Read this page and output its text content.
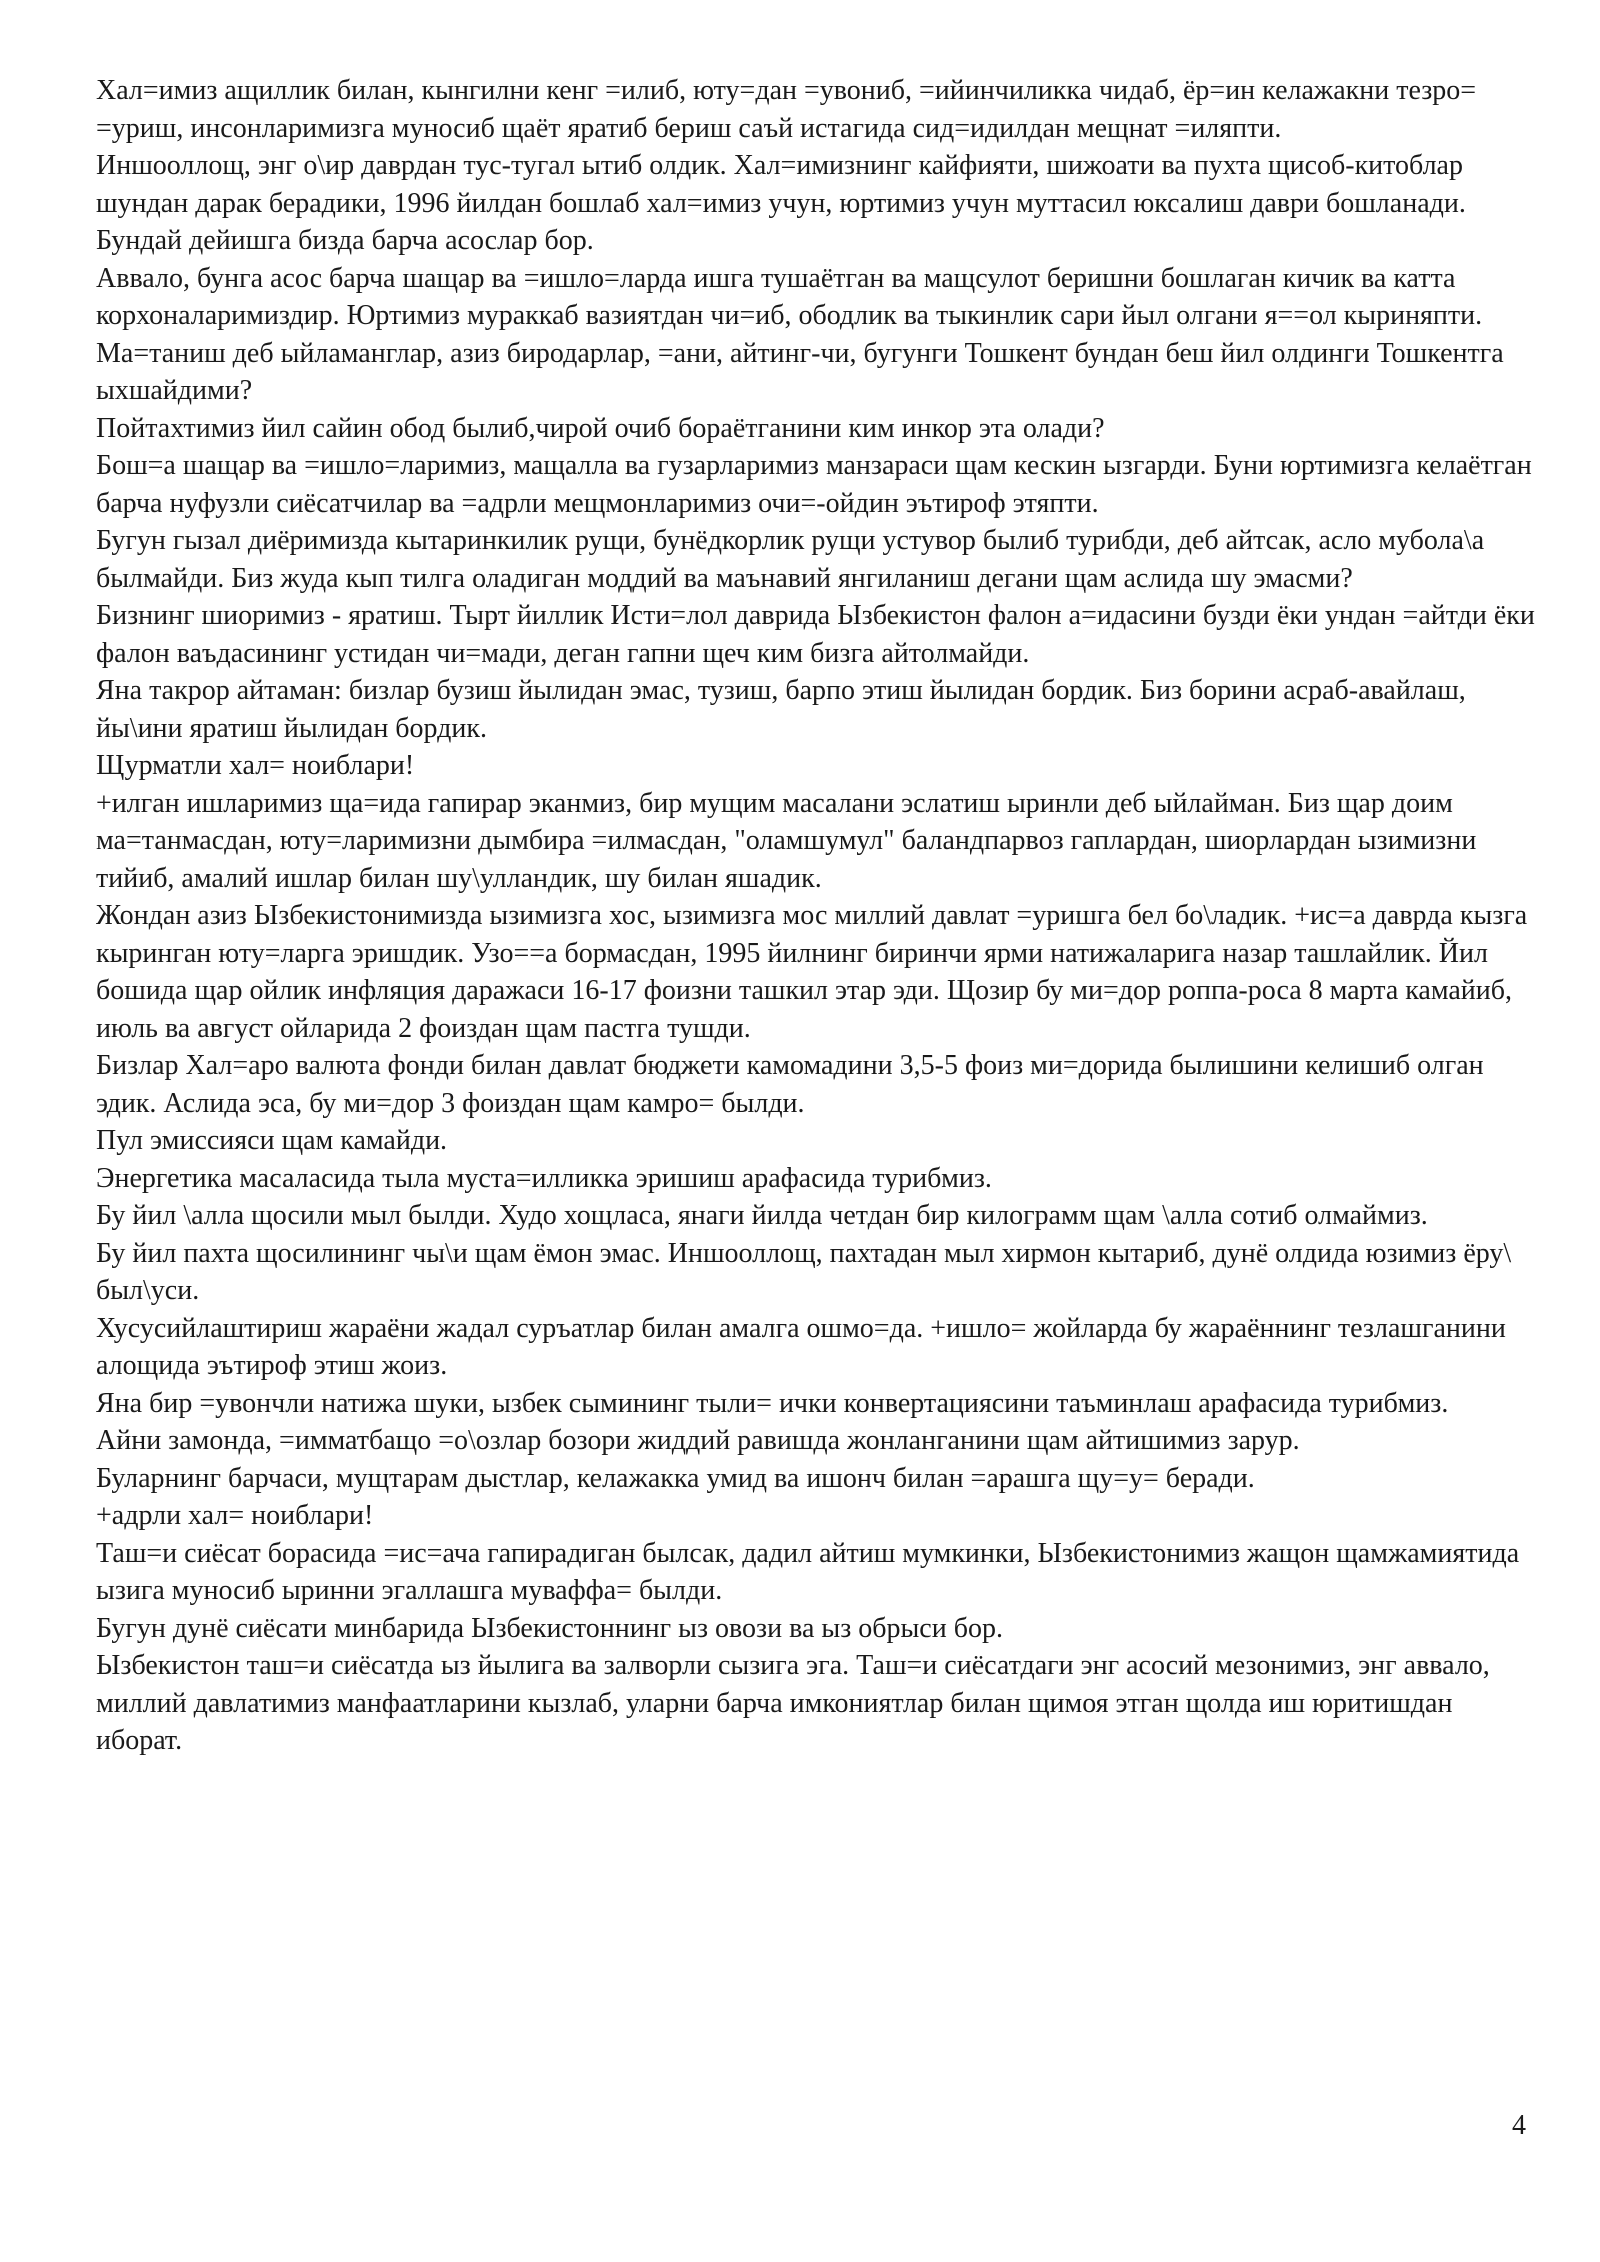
Хал=имиз ащиллик билан, кынгилни кенг =илиб, юту=дан =увониб, =ийинчиликка чидаб, ёр=ин келажакни тезро= =уриш, инсонларимизга муносиб щаёт яратиб бериш саъй истагида сид=идилдан мещнат =иляпти.

Иншооллощ, энг о\ир даврдан тус-тугал ытиб олдик. Хал=имизнинг кайфияти, шижоати ва пухта щисоб-китоблар шундан дарак берадики, 1996 йилдан бошлаб хал=имиз учун, юртимиз учун муттасил юксалиш даври бошланади.

Бундай дейишга бизда барча асослар бор.

Аввало, бунга асос барча шащар ва =ишло=ларда ишга тушаётган ва мащсулот беришни бошлаган кичик ва катта корхоналаримиздир. Юртимиз мураккаб вазиятдан чи=иб, ободлик ва тыкинлик сари йыл олгани я==ол кыриняпти.

Ма=таниш деб ыйламанглар, азиз биродарлар, =ани, айтинг-чи, бугунги Тошкент бундан беш йил олдинги Тошкентга ыхшайдими?

Пойтахтимиз йил сайин обод былиб,чирой очиб бораётганини ким инкор эта олади?

Бош=а шащар ва =ишло=ларимиз, мащалла ва гузарларимиз манзараси щам кескин ызгарди. Буни юртимизга келаётган барча нуфузли сиёсатчилар ва =адрли мещмонларимиз очи=-ойдин эътироф этяпти.

Бугун гызал диёримизда кытаринкилик рущи, бунёдкорлик рущи устувор былиб турибди, деб айтсак, асло мубола\а былмайди. Биз жуда кып тилга оладиган моддий ва маънавий янгиланиш дегани щам аслида шу эмасми?

Бизнинг шиоримиз - яратиш. Тырт йиллик Исти=лол даврида Ызбекистон фалон а=идасини бузди ёки ундан =айтди ёки фалон ваъдасининг устидан чи=мади, деган гапни щеч ким бизга айтолмайди.

Яна такрор айтаман: бизлар бузиш йылидан эмас, тузиш, барпо этиш йылидан бордик. Биз борини асраб-авайлаш, йы\ини яратиш йылидан бордик.

Щурматли хал= ноиблари!

+илган ишларимиз ща=ида гапирар эканмиз, бир мущим масалани эслатиш ыринли деб ыйлайман. Биз щар доим ма=танмасдан, юту=ларимизни дымбира =илмасдан, "оламшумул" баландпарвоз гаплардан, шиорлардан ызимизни тийиб, амалий ишлар билан шу\улландик, шу билан яшадик.

Жондан азиз Ызбекистонимизда ызимизга хос, ызимизга мос миллий давлат =уришга бел бо\ладик. +ис=а даврда кызга кыринган юту=ларга эришдик. Узо==а бормасдан, 1995 йилнинг биринчи ярми натижаларига назар ташлайлик. Йил бошида щар ойлик инфляция даражаси 16-17 фоизни ташкил этар эди. Щозир бу ми=дор роппа-роса 8 марта камайиб, июль ва август ойларида 2 фоиздан щам пастга тушди.

Бизлар Хал=аро валюта фонди билан давлат бюджети камомадини 3,5-5 фоиз ми=дорида былишини келишиб олган эдик. Аслида эса, бу ми=дор 3 фоиздан щам камро= былди.

Пул эмиссияси щам камайди.

Энергетика масаласида тыла муста=илликка эришиш арафасида турибмиз.

Бу йил \алла щосили мыл былди. Худо хощласа, янаги йилда четдан бир килограмм щам \алла сотиб олмаймиз.

Бу йил пахта щосилининг чы\и щам ёмон эмас. Иншооллощ, пахтадан мыл хирмон кытариб, дунё олдида юзимиз ёру\ был\уси.

Хусусийлаштириш жараёни жадал суръатлар билан амалга ошмо=да. +ишло= жойларда бу жараённинг тезлашганини алощида эътироф этиш жоиз.

Яна бир =увончли натижа шуки, ызбек сымининг тыли= ички конвертациясини таъминлаш арафасида турибмиз.

Айни замонда, =имматбащо =о\озлар бозори жиддий равишда жонланганини щам айтишимиз зарур.

Буларнинг барчаси, мущтарам дыстлар, келажакка умид ва ишонч билан =арашга щу=у= беради.

+адрли хал= ноиблари!

Таш=и сиёсат борасида =ис=ача гапирадиган былсак, дадил айтиш мумкинки, Ызбекистонимиз жащон щамжамиятида ызига муносиб ыринни эгаллашга муваффа= былди.

Бугун дунё сиёсати минбарида Ызбекистоннинг ыз овози ва ыз обрыси бор.

Ызбекистон таш=и сиёсатда ыз йылига ва залворли сызига эга. Таш=и сиёсатдаги энг асосий мезонимиз, энг аввало, миллий давлатимиз манфаатларини кызлаб, уларни барча имкониятлар билан щимоя этган щолда иш юритишдан иборат.

4
